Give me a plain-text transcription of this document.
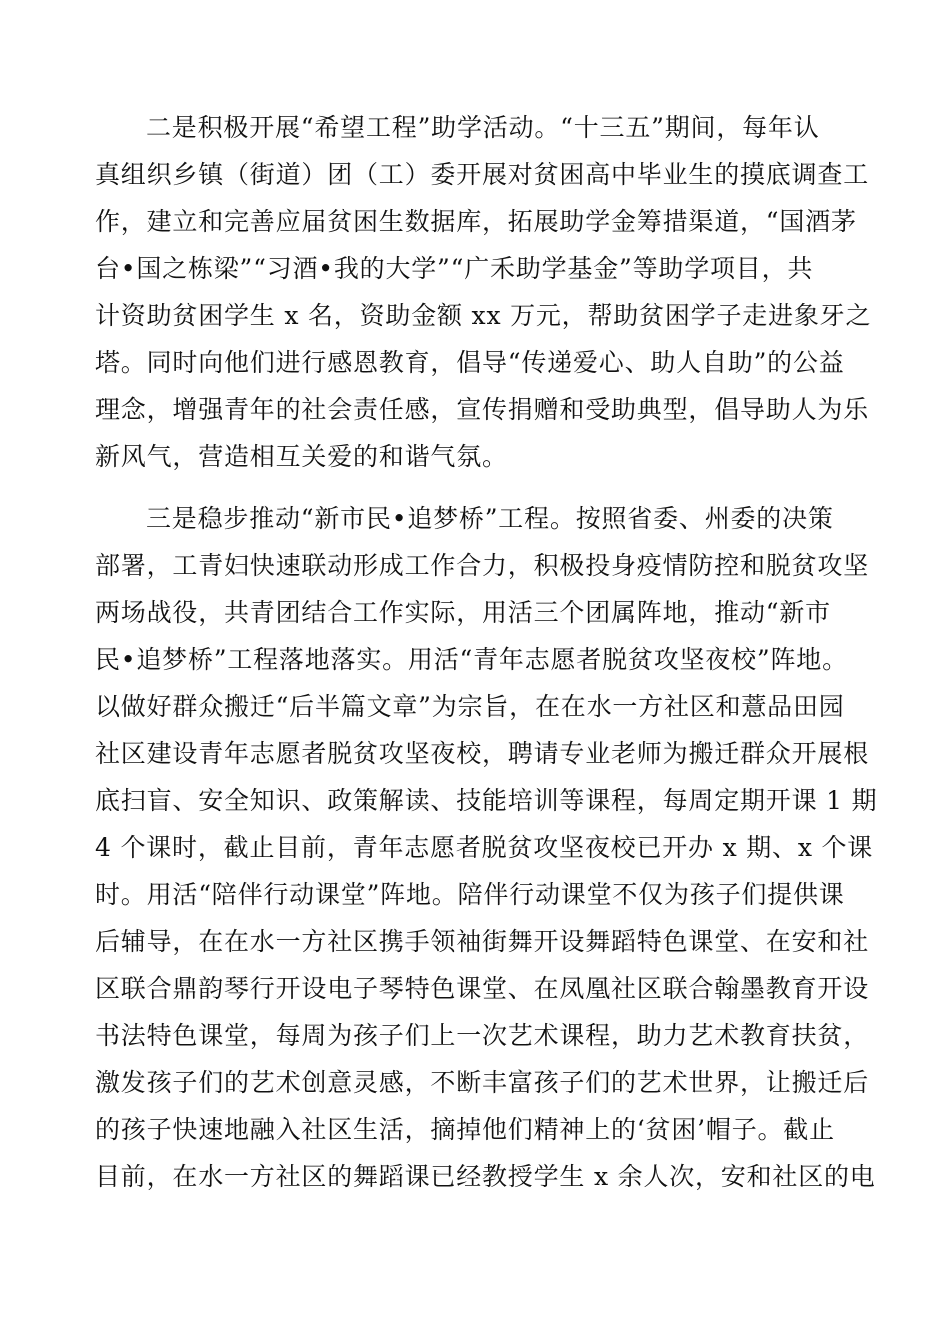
二是积极开展“希望工程”助学活动。“十三五”期间，每年认
真组织乡镇（街道）团（工）委开展对贫困高中毕业生的摸底调查工
作，建立和完善应届贫困生数据库，拓展助学金筹措渠道，“国酒茅
台•国之栋梁”“习酒•我的大学”“广禾助学基金”等助学项目，共
计资助贫困学生 x 名，资助金额 xx 万元，帮助贫困学子走进象牙之
塔。同时向他们进行感恩教育，倡导“传递爱心、助人自助”的公益
理念，增强青年的社会责任感，宣传捐赠和受助典型，倡导助人为乐
新风气，营造相互关爱的和谐气氛。
三是稳步推动“新市民•追梦桥”工程。按照省委、州委的决策
部署，工青妇快速联动形成工作合力，积极投身疫情防控和脱贫攻坚
两场战役，共青团结合工作实际，用活三个团属阵地，推动“新市
民•追梦桥”工程落地落实。用活“青年志愿者脱贫攻坚夜校”阵地。
以做好群众搬迁“后半篇文章”为宗旨，在在水一方社区和薏品田园
社区建设青年志愿者脱贫攻坚夜校，聘请专业老师为搬迁群众开展根
底扫盲、安全知识、政策解读、技能培训等课程，每周定期开课 1 期
4 个课时，截止目前，青年志愿者脱贫攻坚夜校已开办 x 期、x 个课
时。用活“陪伴行动课堂”阵地。陪伴行动课堂不仅为孩子们提供课
后辅导，在在水一方社区携手领袖街舞开设舞蹈特色课堂、在安和社
区联合鼎韵琴行开设电子琴特色课堂、在凤凰社区联合翰墨教育开设
书法特色课堂，每周为孩子们上一次艺术课程，助力艺术教育扶贫，
激发孩子们的艺术创意灵感，不断丰富孩子们的艺术世界，让搬迁后
的孩子快速地融入社区生活，摘掉他们精神上的‘贫困’帽子。截止
目前，在水一方社区的舞蹈课已经教授学生 x 余人次，安和社区的电
